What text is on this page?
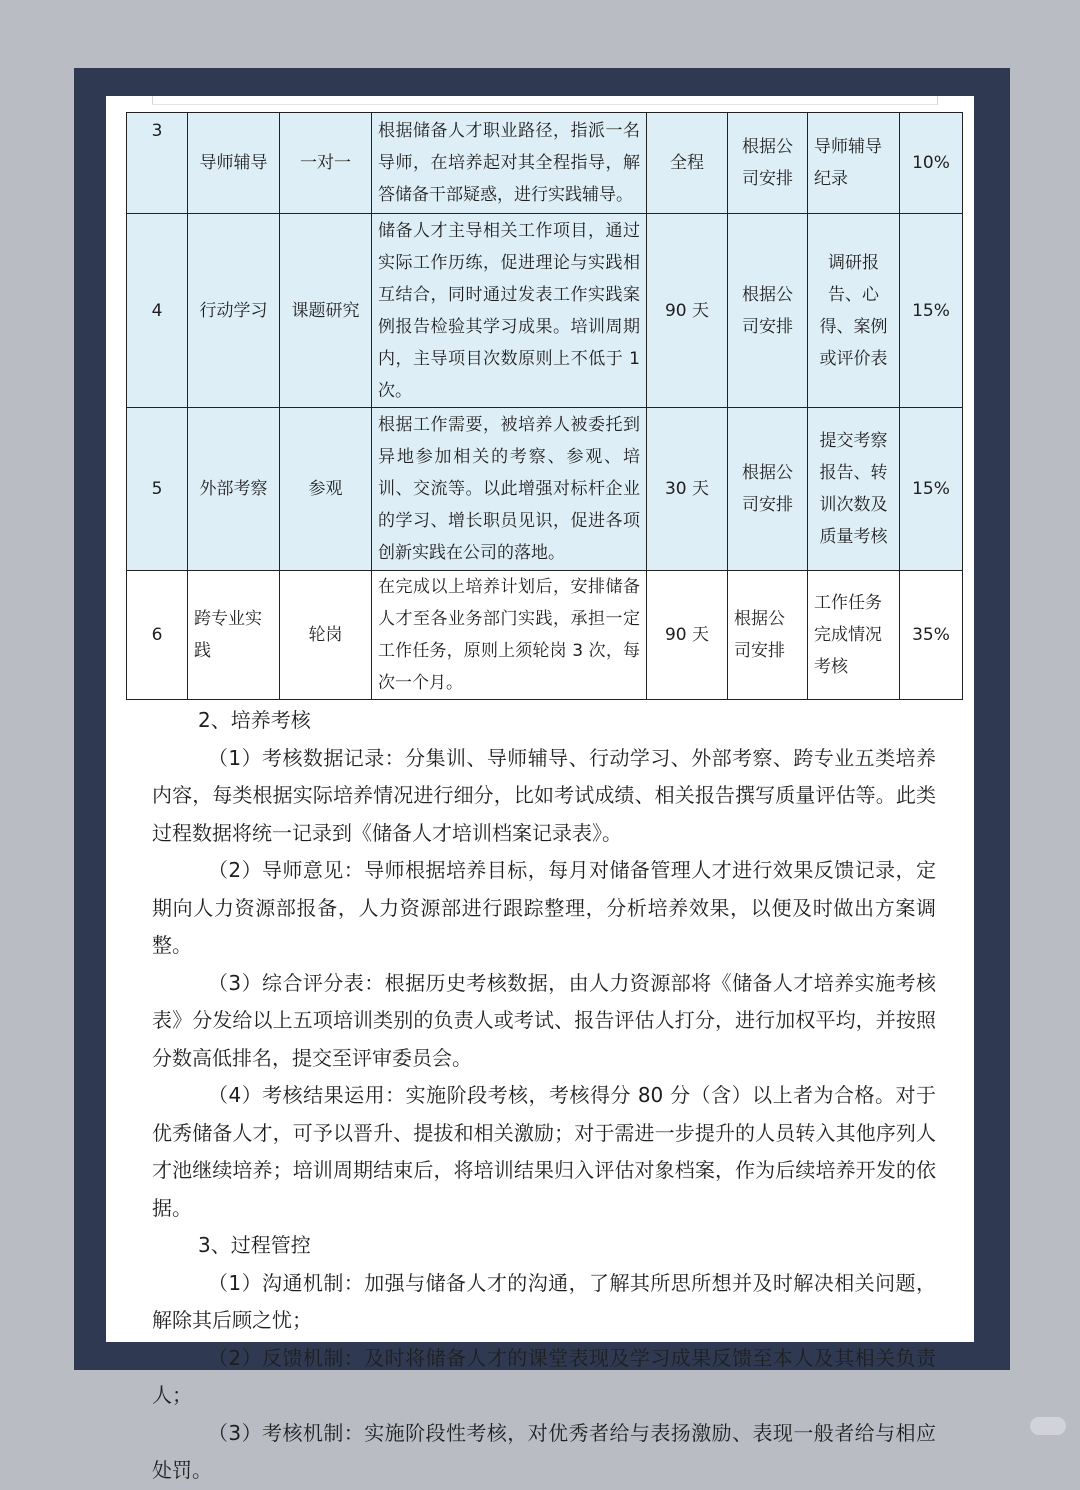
3	导师辅导	一对一	根据储备人才职业路径，指派一名导师，在培养起对其全程指导，解答储备干部疑惑，进行实践辅导。	全程	根据公司安排	导师辅导纪录	10%
4	行动学习	课题研究	储备人才主导相关工作项目，通过实际工作历练，促进理论与实践相互结合，同时通过发表工作实践案例报告检验其学习成果。培训周期内，主导项目次数原则上不低于 1 次。	90 天	根据公司安排	调研报告、心得、案例或评价表	15%
5	外部考察	参观	根据工作需要，被培养人被委托到异地参加相关的考察、参观、培训、交流等。以此增强对标杆企业的学习、增长职员见识，促进各项创新实践在公司的落地。	30 天	根据公司安排	提交考察报告、转训次数及质量考核	15%
6	跨专业实践	轮岗	在完成以上培养计划后，安排储备人才至各业务部门实践，承担一定工作任务，原则上须轮岗 3 次，每次一个月。	90 天	根据公司安排	工作任务完成情况考核	35%

2、培养考核

（1）考核数据记录：分集训、导师辅导、行动学习、外部考察、跨专业五类培养内容，每类根据实际培养情况进行细分，比如考试成绩、相关报告撰写质量评估等。此类过程数据将统一记录到《储备人才培训档案记录表》。

（2）导师意见：导师根据培养目标，每月对储备管理人才进行效果反馈记录，定期向人力资源部报备，人力资源部进行跟踪整理，分析培养效果，以便及时做出方案调整。

（3）综合评分表：根据历史考核数据，由人力资源部将《储备人才培养实施考核表》分发给以上五项培训类别的负责人或考试、报告评估人打分，进行加权平均，并按照分数高低排名，提交至评审委员会。

（4）考核结果运用：实施阶段考核，考核得分 80 分（含）以上者为合格。对于优秀储备人才，可予以晋升、提拔和相关激励；对于需进一步提升的人员转入其他序列人才池继续培养；培训周期结束后，将培训结果归入评估对象档案，作为后续培养开发的依据。

3、过程管控

（1）沟通机制：加强与储备人才的沟通，了解其所思所想并及时解决相关问题，解除其后顾之忧；

（2）反馈机制：及时将储备人才的课堂表现及学习成果反馈至本人及其相关负责人；

（3）考核机制：实施阶段性考核，对优秀者给与表扬激励、表现一般者给与相应处罚。
